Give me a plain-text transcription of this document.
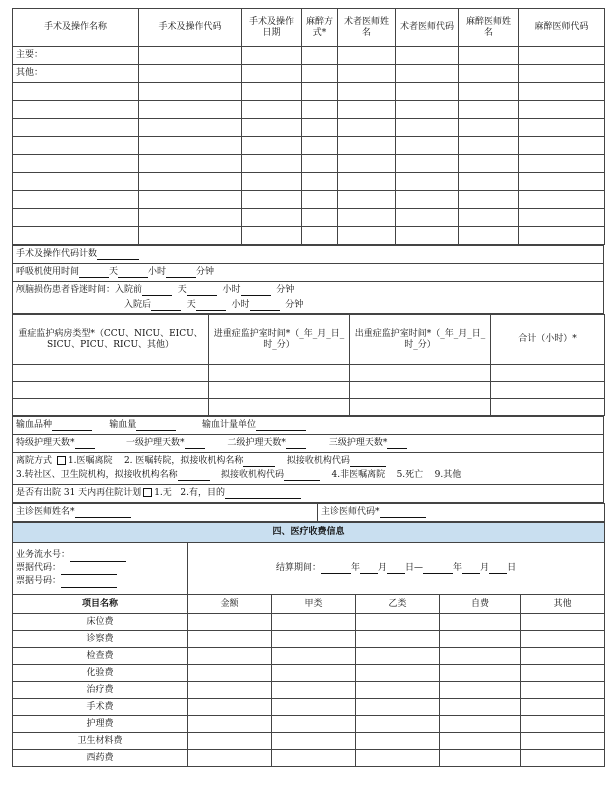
手术及操作名称	手术及操作代码	手术及操作日期	麻醉方式*	术者医师姓名	术者医师代码	麻醉医师姓名	麻醉医师代码
主要：							
其他：							

手术及操作代码计数
呼吸机使用时间	天	小时	分钟

颅脑损伤患者昏迷时间：入院前	天	小时	分钟
入院后	天	小时	分钟
重症监护病房类型*（CCU、NICU、EICU、SICU、PICU、RICU、其他）	进重症监护室时间*（_年_月_日_时_分）	出重症监护室时间*（_年_月_日_时_分）	合计（小时）*

输血品种	输血量	输血计量单位
特级护理天数*	一级护理天数*	二级护理天数*	三级护理天数*

离院方式 1.医嘱离院 2. 医嘱转院，拟接收机构名称	拟接收机构代码
3.转社区、卫生院机构，拟接收机构名称	拟接收机构代码	4.非医嘱离院 5.死亡 9.其他

是否有出院 31 天内再住院计划 1.无 2.有，目的
主诊医师姓名*	主诊医师代码*
四、医疗收费信息					

业务流水号：
票据代码：
票据号码：	结算期间： 年 月 日— 年 月 日				
项目名称	金额	甲类	乙类	自费	其他
床位费					
诊察费					
检查费					
化验费					
治疗费					
手术费					
护理费					
卫生材料费					
西药费					
